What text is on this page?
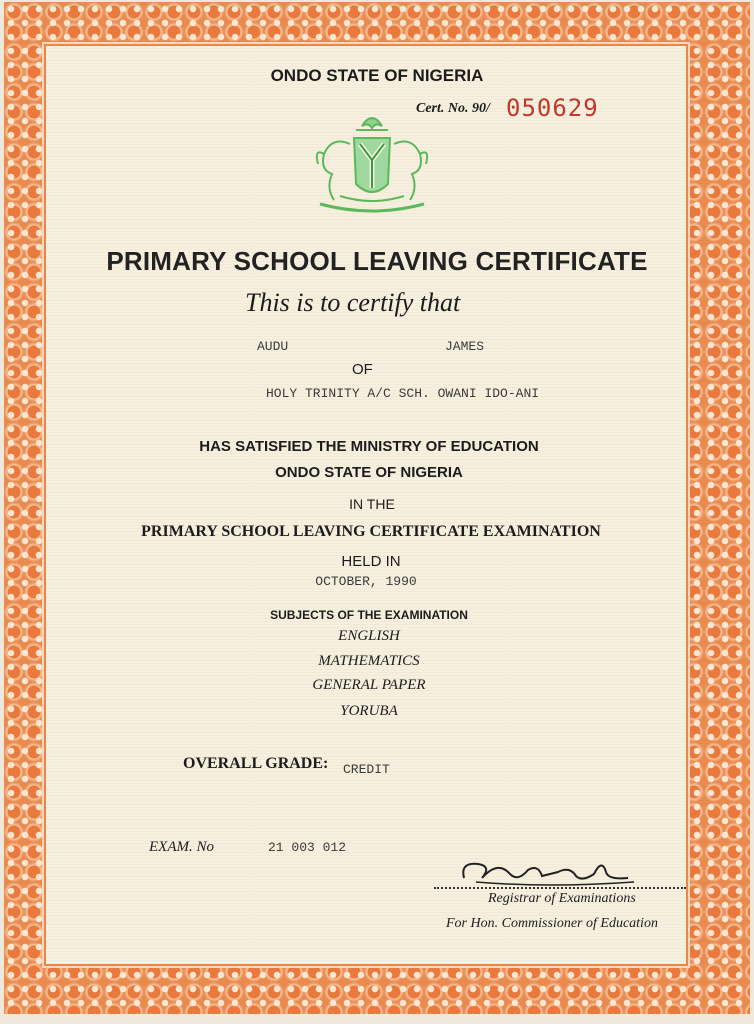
ONDO STATE OF NIGERIA
Cert. No. 90/ 050629
PRIMARY SCHOOL LEAVING CERTIFICATE
This is to certify that
AUDU	JAMES
OF
HOLY TRINITY A/C SCH. OWANI IDO-ANI
HAS SATISFIED THE MINISTRY OF EDUCATION
ONDO STATE OF NIGERIA
IN THE
PRIMARY SCHOOL LEAVING CERTIFICATE EXAMINATION
HELD IN
OCTOBER, 1990
SUBJECTS OF THE EXAMINATION
ENGLISH
MATHEMATICS
GENERAL PAPER
YORUBA
OVERALL GRADE: CREDIT
EXAM. No	21 003 012
Registrar of Examinations
For Hon. Commissioner of Education
